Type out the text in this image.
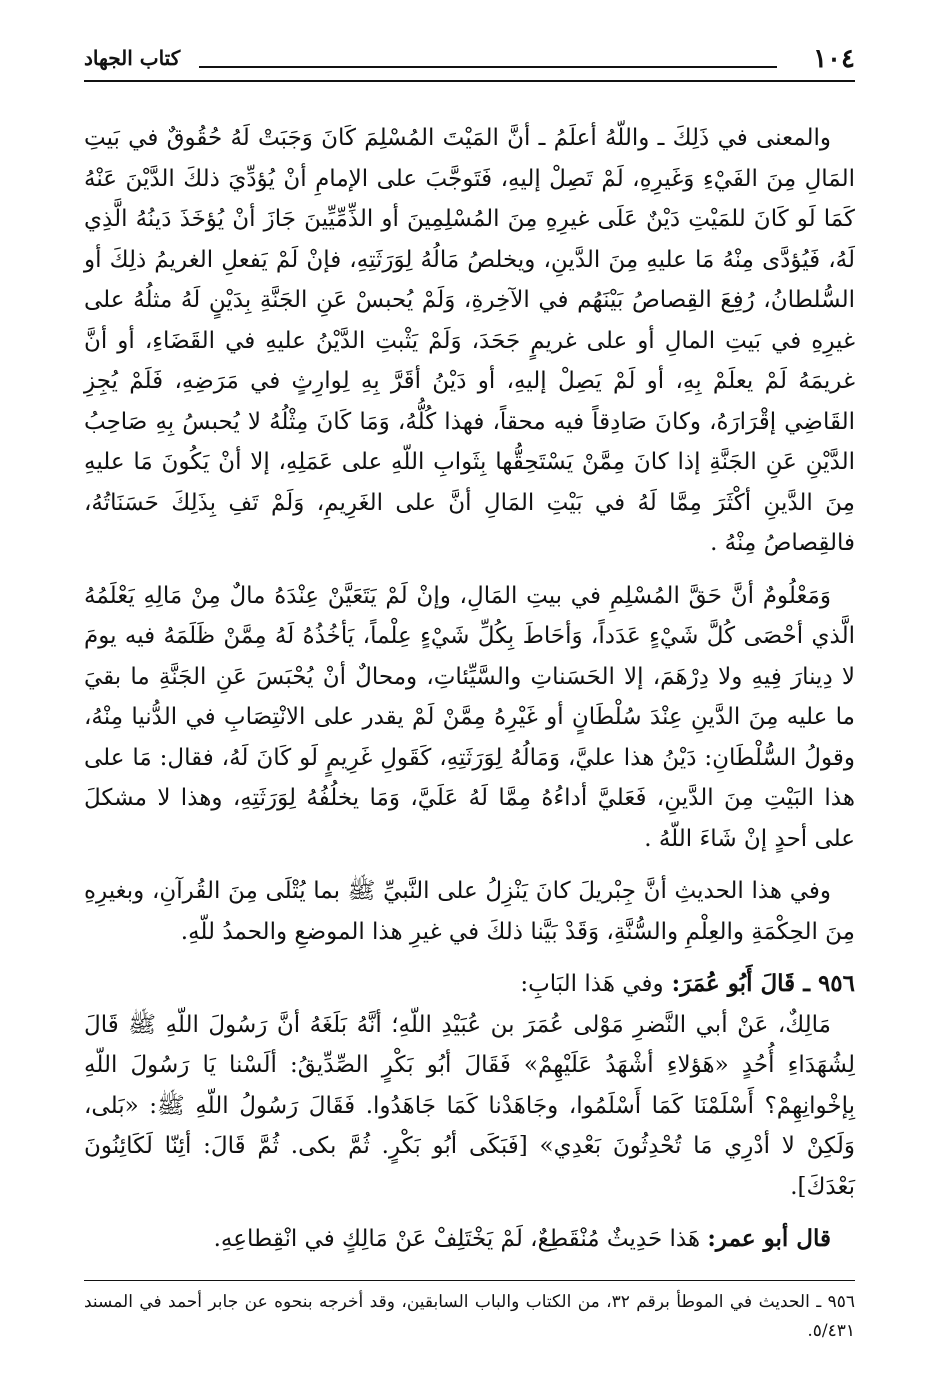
١٠٤
كتاب الجهاد

والمعنى في ذَلِكَ ـ واللّهُ أعلَمُ ـ أنَّ المَيْتَ المُسْلِمَ كَانَ وَجَبَتْ لَهُ حُقُوقٌ في بَيتِ المَالِ مِنَ الفَيْءِ وَغَيرِهِ، لَمْ تَصِلْ إليهِ، فَتَوجَّبَ على الإمامِ أنْ يُؤدِّيَ ذلكَ الدَّيْنَ عَنْهُ كَمَا لَو كَانَ للمَيْتِ دَيْنٌ عَلَى غيرِهِ مِنَ المُسْلِمِينَ أو الذِّمِّيِّينَ جَازَ أنْ يُؤخَذَ دَينُهُ الَّذِي لَهُ، فَيُؤدَّى مِنْهُ مَا عليهِ مِنَ الدَّينِ، ويخلصُ مَالُهُ لِوَرَثَتِهِ، فإنْ لَمْ يَفعلِ الغريمُ ذلِكَ أو السُّلطانُ، رُفِعَ القِصاصُ بَيْنَهُم في الآخِرةِ، وَلَمْ يُحبسْ عَنِ الجَنَّةِ بِدَيْنٍ لَهُ مثلُهُ على غيرِهِ في بَيتِ المالِ أو على غريمٍ جَحَدَ، وَلَمْ يَثْبتِ الدَّيْنُ عليهِ في القَضَاءِ، أو أنَّ غريمَهُ لَمْ يعلَمْ بِهِ، أو لَمْ يَصِلْ إليهِ، أو دَيْنُ أقَرَّ بِهِ لِوارِثٍ في مَرَضِهِ، فَلَمْ يُجِزِ القَاضِي إقْرَارَهُ، وكانَ صَادِقاً فيه محقاً، فهذا كُلُّهُ، وَمَا كَانَ مِثْلُهُ لا يُحبسُ بِهِ صَاحِبُ الدَّيْنِ عَنِ الجَنَّةِ إذا كانَ مِمَّنْ يَسْتَحِقُّها بِثَوابِ اللّهِ على عَمَلِهِ، إلا أنْ يَكُونَ مَا عليهِ مِنَ الدَّينِ أكْثَرَ مِمَّا لَهُ في بَيْتِ المَالِ أنَّ على الغَرِيمِ، وَلَمْ تَفِ بِذَلِكَ حَسَنَاتُهُ، فالقِصاصُ مِنْهُ .

وَمَعْلُومٌ أنَّ حَقَّ المُسْلِمِ في بيتِ المَالِ، وإنْ لَمْ يَتَعَيَّنْ عِنْدَهُ مالٌ مِنْ مَالِهِ يَعْلَمُهُ الَّذي أحْصَى كُلَّ شَيْءٍ عَدَداً، وَأحَاطَ بِكُلِّ شَيْءٍ عِلْماً، يَأخُذُهُ لَهُ مِمَّنْ ظَلَمَهُ فيه يومَ لا دِينارَ فِيهِ ولا دِرْهَمَ، إلا الحَسَناتِ والسَّيِّئاتِ، ومحالٌ أنْ يُحْبَسَ عَنِ الجَنَّةِ ما بقيَ ما عليه مِنَ الدَّينِ عِنْدَ سُلْطَانٍ أو غَيْرِهُ مِمَّنْ لَمْ يقدر على الانْتِصَابِ في الدُّنيا مِنْهُ، وقولُ السُّلْطَانِ: دَيْنُ هذا عليَّ، وَمَالُهُ لِوَرَثَتِهِ، كَقَولِ غَرِيمٍ لَو كَانَ لَهُ، فقال: مَا على هذا البَيْتِ مِنَ الدَّينِ، فَعَليَّ أداءُهُ مِمَّا لَهُ عَلَيَّ، وَمَا يخلُفُهُ لِوَرَثَتِهِ، وهذا لا مشكلَ على أحدٍ إنْ شَاءَ اللّهُ .

وفي هذا الحديثِ أنَّ جِبْريلَ كانَ يَنْزِلُ على النَّبيِّ ﷺ بما يُتْلَى مِنَ القُرآنِ، وبغيرِهِ مِنَ الحِكْمَةِ والعِلْمِ والسُّنَّةِ، وَقَدْ بَيَّنا ذلكَ في غيرِ هذا الموضعِ والحمدُ للّهِ.

٩٥٦ ـ قَالَ أَبُو عُمَرَ: وفي هَذا البَابِ:

مَالِكٌ، عَنْ أبي النَّضرِ مَوْلى عُمَرَ بن عُبَيْدِ اللّهِ؛ أنَّهُ بَلَغَهُ أنَّ رَسُولَ اللّهِ ﷺ قَالَ لِشُهَدَاءِ أُحُدٍ «هَؤلاءِ أشْهَدُ عَلَيْهِمْ» فَقَالَ أبُو بَكْرٍ الصِّدِّيقُ: ألَسْنا يَا رَسُولَ اللّهِ بِإخْوانِهِمْ؟ أَسْلَمْنَا كَمَا أَسْلَمُوا، وجَاهَدْنا كَمَا جَاهَدُوا. فَقَالَ رَسُولُ اللّهِ ﷺ: «بَلى، وَلَكِنْ لا أدْرِي مَا تُحْدِثُونَ بَعْدِي» [فَبَكَى أبُو بَكْرٍ. ثُمَّ بكى. ثُمَّ قَالَ: أئِنّا لَكَائِنُونَ بَعْدَكَ].

قال أبو عمر: هَذا حَدِيثٌ مُنْقَطِعٌ، لَمْ يَخْتَلِفْ عَنْ مَالِكٍ في انْقِطاعِهِ.

٩٥٦ ـ الحديث في الموطأ برقم ٣٢، من الكتاب والباب السابقين، وقد أخرجه بنحوه عن جابر أحمد في المسند ٥/٤٣١.
